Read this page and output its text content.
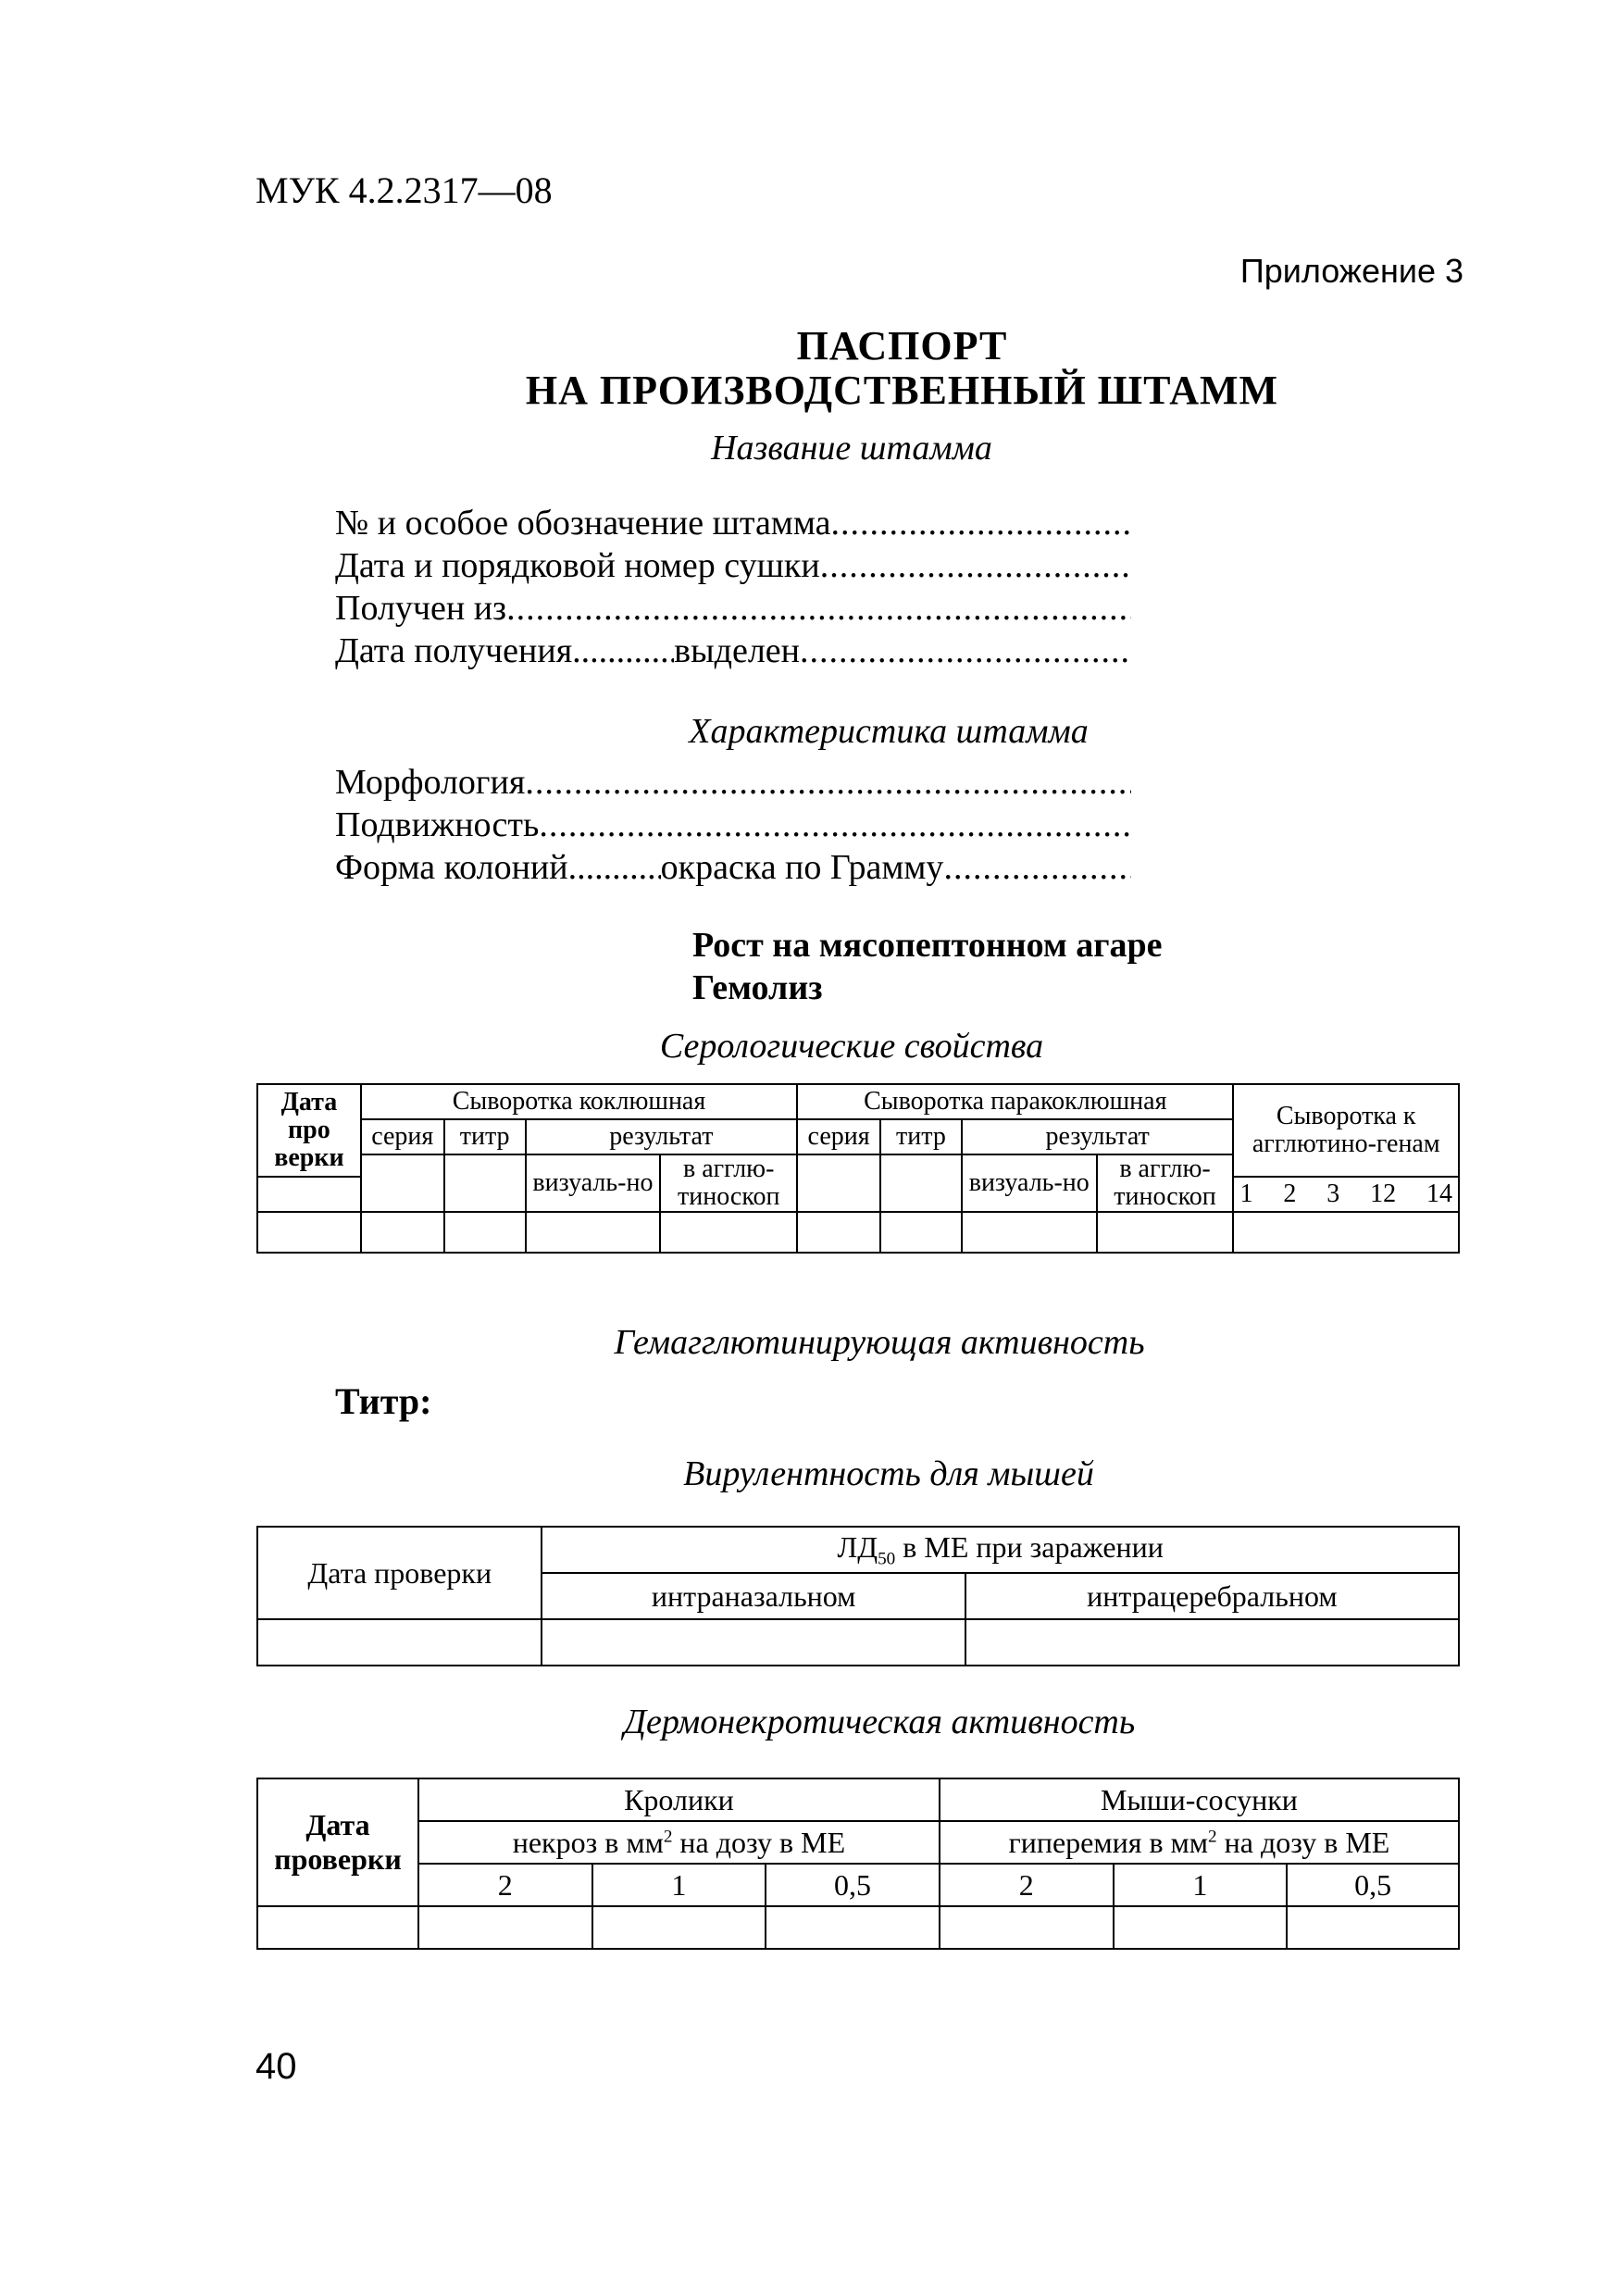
МУК 4.2.2317—08
Приложение 3
ПАСПОРТ
НА ПРОИЗВОДСТВЕННЫЙ ШТАММ
Название штамма
№ и особое обозначение штамма
.....
Дата и порядковой номер сушки
.....
Получен из
.....
Дата получения .....	выделен
.....
Характеристика штамма
Морфология
.....
Подвижность
.....
Форма колоний .....	окраска по Грамму
.....
Рост на мясопептонном агаре
Гемолиз
Серологические свойства
Дата про верки	Сыворотка коклюшная				Сыворотка паракоклюшная				Сыворотка к агглютино-генам
	серия	титр	результат		серия	титр	результат		
			визуаль-но	в агглю-тиноскоп			визуаль-но	в агглю-тиноскоп	

									1 2 3 12 14

Гемагглютинирующая активность
Титр:
Вирулентность для мышей
Дата проверки	$ЛД_{50}$ в МЕ при заражении	
	интраназальном	интрацеребральном

Дермонекротическая активность
Дата проверки	Кролики			Мыши-сосунки		
	некроз в $мм^2$ на дозу в МЕ			гиперемия в $мм^2$ на дозу в МЕ		
	2	1	0,5	2	1	0,5

40
